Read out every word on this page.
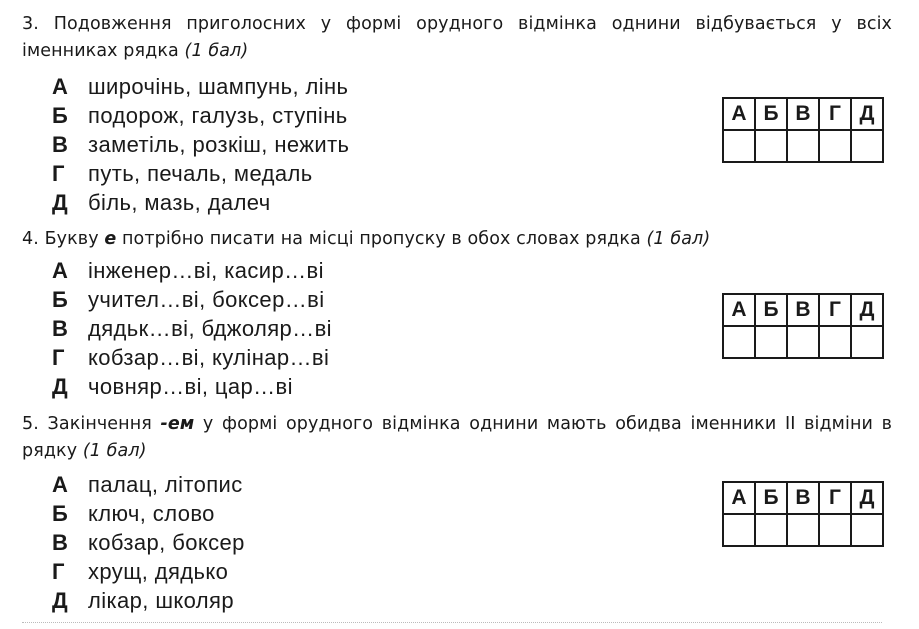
3. Подовження приголосних у формі орудного відмінка однини відбувається у всіх іменниках рядка (1 бал)
А широчінь, шампунь, лінь
Б подорож, галузь, ступінь
В заметіль, розкіш, нежить
Г путь, печаль, медаль
Д біль, мазь, далеч
А	Б	В	Г	Д

4. Букву е потрібно писати на місці пропуску в обох словах рядка (1 бал)
А інженер…ві, касир…ві
Б учител…ві, боксер…ві
В дядьк…ві, бджоляр…ві
Г кобзар…ві, кулінар…ві
Д човняр…ві, цар…ві
А	Б	В	Г	Д

5. Закінчення -ем у формі орудного відмінка однини мають обидва іменники ІІ відміни в рядку (1 бал)
А палац, літопис
Б ключ, слово
В кобзар, боксер
Г хрущ, дядько
Д лікар, школяр
А	Б	В	Г	Д
